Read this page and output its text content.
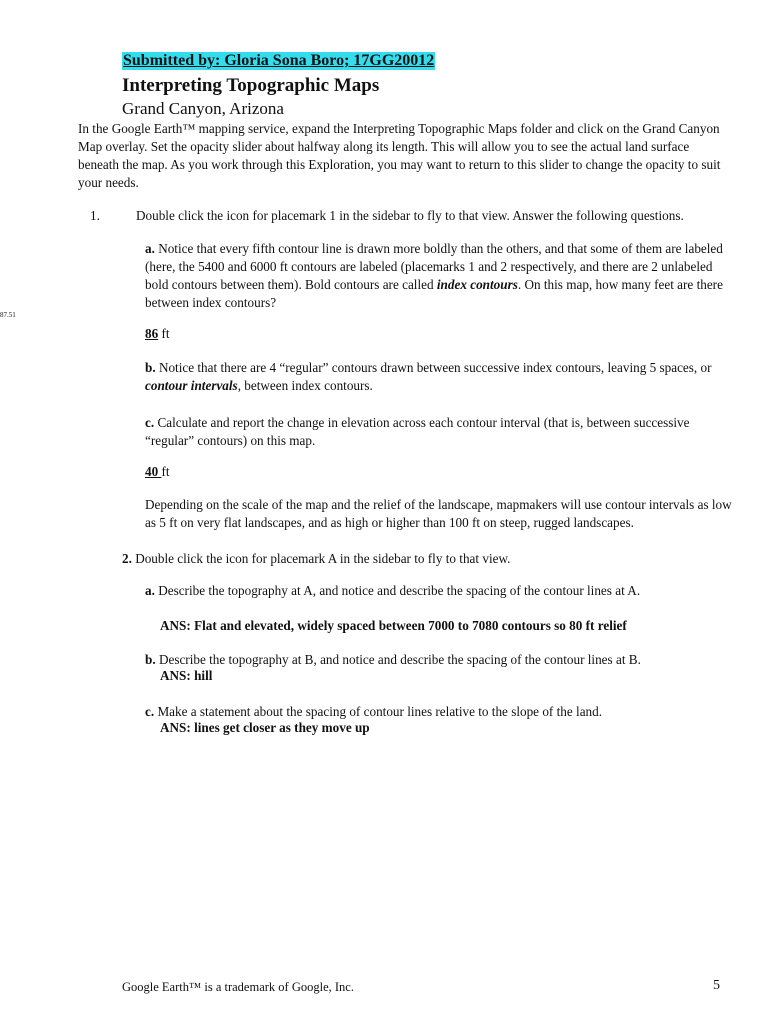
Submitted by: Gloria Sona Boro; 17GG20012
Interpreting Topographic Maps
Grand Canyon, Arizona
In the Google Earth™ mapping service, expand the Interpreting Topographic Maps folder and click on the Grand Canyon Map overlay. Set the opacity slider about halfway along its length. This will allow you to see the actual land surface beneath the map. As you work through this Exploration, you may want to return to this slider to change the opacity to suit your needs.
87.51
1.	Double click the icon for placemark 1 in the sidebar to fly to that view. Answer the following questions.
a. Notice that every fifth contour line is drawn more boldly than the others, and that some of them are labeled (here, the 5400 and 6000 ft contours are labeled (placemarks 1 and 2 respectively, and there are 2 unlabeled bold contours between them). Bold contours are called index contours. On this map, how many feet are there between index contours?
86 ft
b. Notice that there are 4 “regular” contours drawn between successive index contours, leaving 5 spaces, or contour intervals, between index contours.
c. Calculate and report the change in elevation across each contour interval (that is, between successive “regular” contours) on this map.
40 ft
Depending on the scale of the map and the relief of the landscape, mapmakers will use contour intervals as low as 5 ft on very flat landscapes, and as high or higher than 100 ft on steep, rugged landscapes.
2. Double click the icon for placemark A in the sidebar to fly to that view.
a. Describe the topography at A, and notice and describe the spacing of the contour lines at A.
ANS: Flat and elevated, widely spaced between 7000 to 7080 contours so 80 ft relief
b. Describe the topography at B, and notice and describe the spacing of the contour lines at B.
ANS: hill
c. Make a statement about the spacing of contour lines relative to the slope of the land.
ANS: lines get closer as they move up
Google Earth™ is a trademark of Google, Inc.	5
